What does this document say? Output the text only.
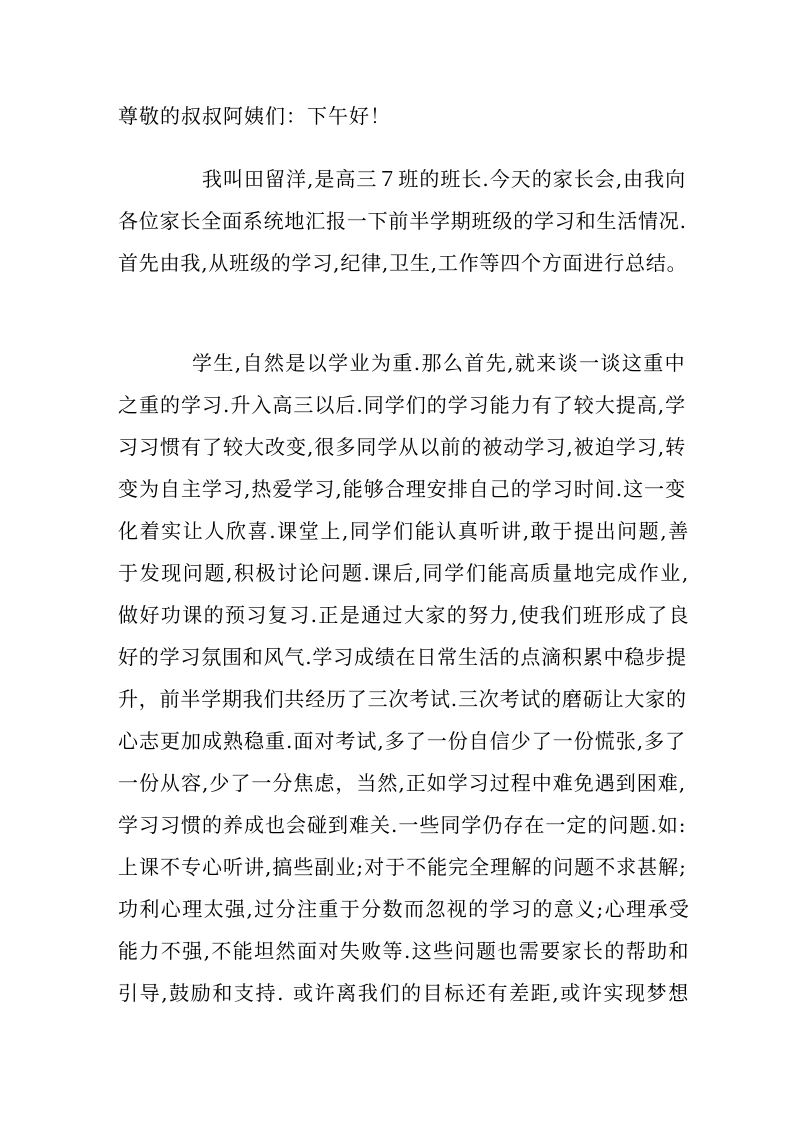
尊敬的叔叔阿姨们：下午好！
我叫田留洋,是高三７班的班长.今天的家长会,由我向
各位家长全面系统地汇报一下前半学期班级的学习和生活情况.
首先由我,从班级的学习,纪律,卫生,工作等四个方面进行总结。
学生,自然是以学业为重.那么首先,就来谈一谈这重中
之重的学习.升入高三以后.同学们的学习能力有了较大提高,学
习习惯有了较大改变,很多同学从以前的被动学习,被迫学习,转
变为自主学习,热爱学习,能够合理安排自己的学习时间.这一变
化着实让人欣喜.课堂上,同学们能认真听讲,敢于提出问题,善
于发现问题,积极讨论问题.课后,同学们能高质量地完成作业,
做好功课的预习复习.正是通过大家的努力,使我们班形成了良
好的学习氛围和风气.学习成绩在日常生活的点滴积累中稳步提
升，前半学期我们共经历了三次考试.三次考试的磨砺让大家的
心志更加成熟稳重.面对考试,多了一份自信少了一份慌张,多了
一份从容,少了一分焦虑，当然,正如学习过程中难免遇到困难,
学习习惯的养成也会碰到难关.一些同学仍存在一定的问题.如:
上课不专心听讲,搞些副业;对于不能完全理解的问题不求甚解;
功利心理太强,过分注重于分数而忽视的学习的意义;心理承受
能力不强,不能坦然面对失败等.这些问题也需要家长的帮助和
引导,鼓励和支持. 或许离我们的目标还有差距,或许实现梦想
